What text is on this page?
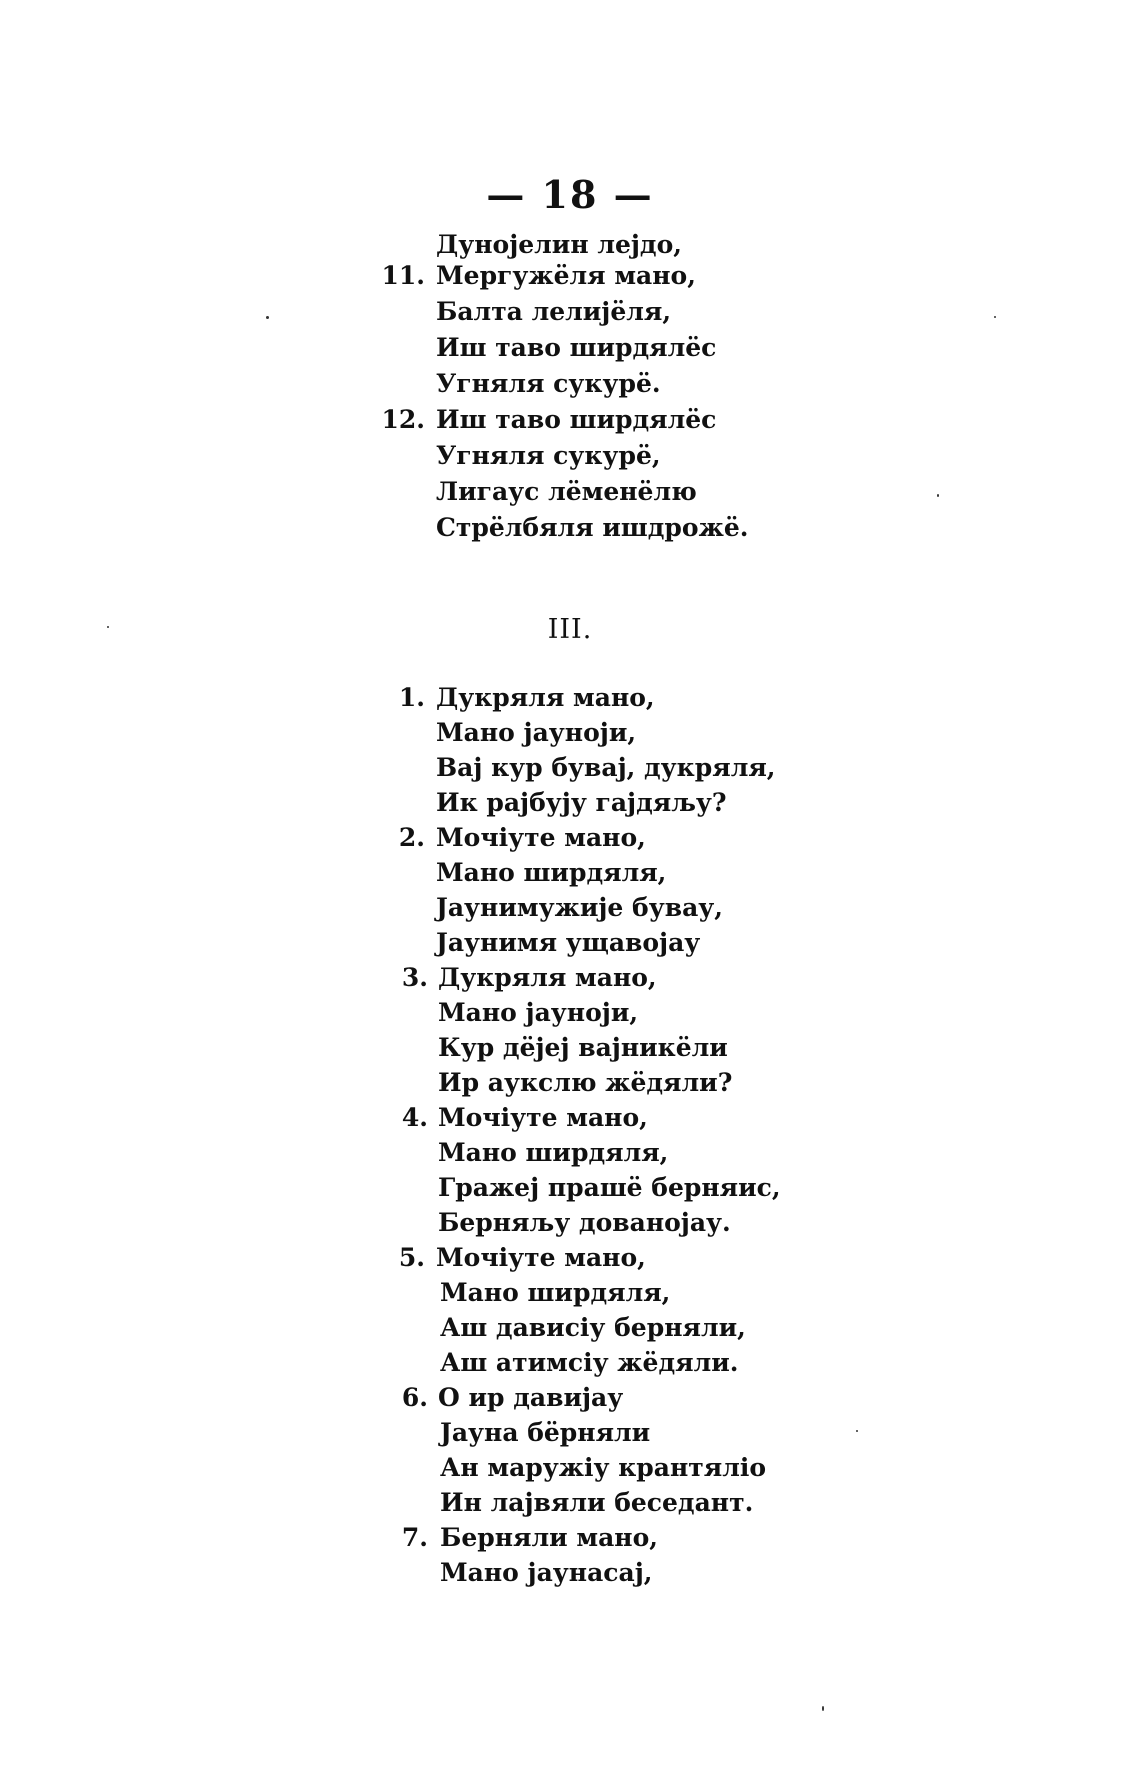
— 18 —
Дунојелин лејдо,
11. Мергужёля мано,
Балта лелиjёля,
Иш таво ширдялёс
Угняля сукурё.
12. Иш таво ширдялёс
Угняля сукурё,
Лигаус лёменёлю
Стрёлбяля ишдрожё.
III.
1. Дукряля мано,
Мано јауноји,
Вај кур бувај, дукряля,
Ик рајбују гајдяљу?
2. Мочiуте мано,
Мано ширдяля,
Јаунимужије бувау,
Јаунимя ущавојау
3. Дукряля мано,
Мано јауноји,
Кур дёјеј вајникёли
Ир аукслю жёдяли?
4. Мочiуте мано,
Мано ширдяля,
Гражеј прашё берняис,
Берняљу дованојау.
5. Мочiуте мано,
Мано ширдяля,
Аш дависiу берняли,
Аш атимсiу жёдяли.
6. О ир давијау
Јауна бёрняли
Ан маружiу крантялiо
Ин лајвяли беседант.
7. Берняли мано,
Мано јаунасај,
